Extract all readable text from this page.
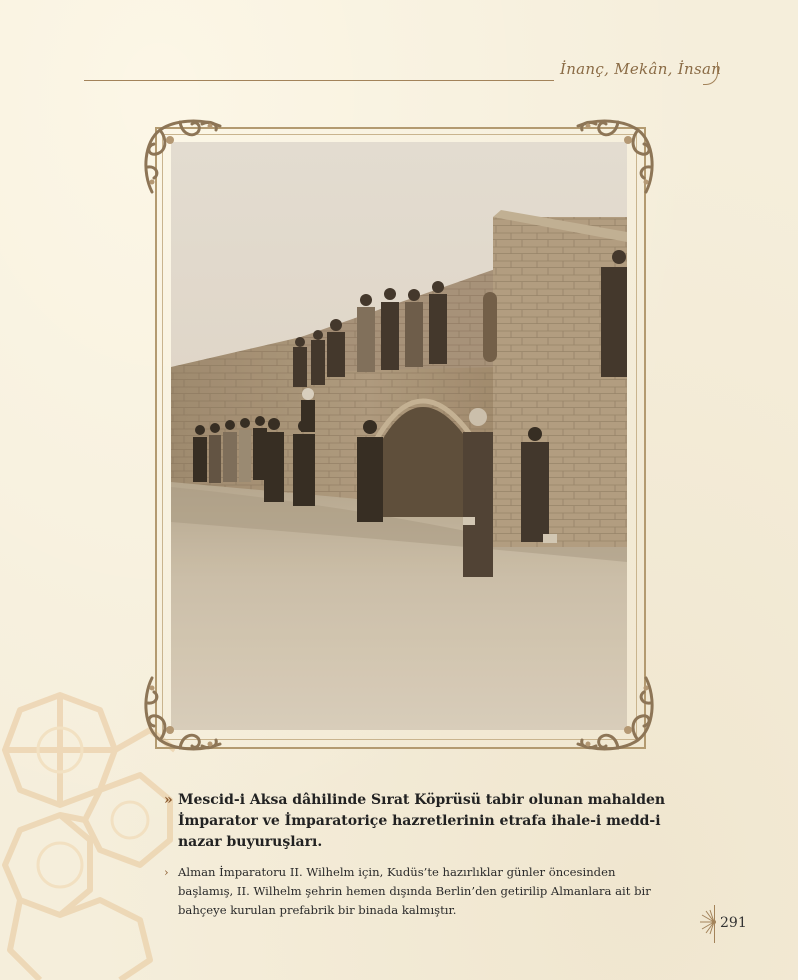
İnanç, Mekân, İnsan
» Mescid-i Aksa dâhilinde Sırat Köprüsü tabir olunan mahalden
İmparator ve İmparatoriçe hazretlerinin etrafa ihale-i medd-i
nazar buyuruşları.
› Alman İmparatoru II. Wilhelm için, Kudüs’te hazırlıklar günler öncesinden
başlamış, II. Wilhelm şehrin hemen dışında Berlin’den getirilip Almanlara ait bir
bahçeye kurulan prefabrik bir binada kalmıştır.
291
